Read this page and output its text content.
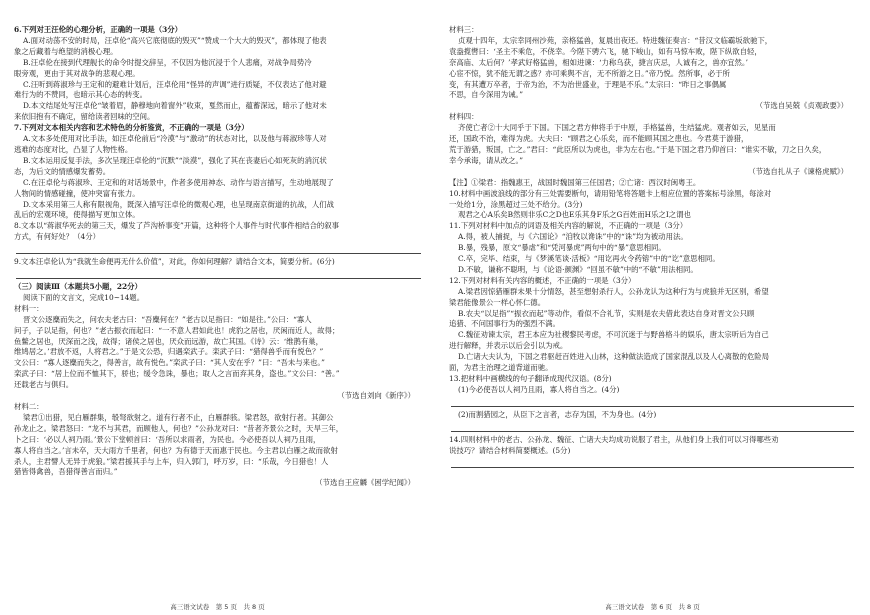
6.下列对王汪伦的心理分析，正确的一项是（3分）
A.面对动荡不安的时局，汪卓伦“高兴它底彻底的毁灭”“赞成一个大大的毁灭”，都体现了他表
象之后藏着与绝望的消极心理。
B.汪卓伦在接到代理舰长的命令时提交辞呈，不仅因为他沉浸于个人悲痛，对战争局势冷
眼旁观，更由于其对战争的悲观心理。
C.汪听到蒋淑珍与王定和的避难计划后，汪卓伦用“怪异的声调”进行质疑，不仅表达了他对避
难行为的不赞同，也暗示其心态的转变。
D.本文结尾处写汪卓伦“皱着眉，静穆地向着窗外”收束，戛然而止，蕴蓄深远，暗示了他对未
来依旧抱有不确定，留给读者回味的空间。
7.下列对文本相关内容和艺术特色的分析鉴赏，不正确的一项是（3分）
A.文本多处使用对比手法，如汪卓伦前后“冷漠”与“激动”的状态对比，以及他与蒋淑珍等人对
逃难的态度对比，凸显了人物性格。
B.文本运用反复手法，多次呈现汪卓伦的“沉默”“淡漠”，强化了其在丧妻后心如死灰的消沉状
态，为后文的情感爆发蓄势。
C.在汪卓伦与蒋淑珍、王定和的对话场景中，作者多使用神态、动作与语言描写，生动地展现了
人物间的情感碰撞，使冲突富有张力。
D.文本采用第三人称有限视角，既深入描写汪卓伦的微观心理，也呈现南京街道的抗战，人们战
乱后的宏观环境，使得描写更加立体。
8.文本以“蒋淑华死去的第三天，爆发了芦沟桥事变”开篇，这种将个人事件与时代事件相结合的叙事
方式，有何好处？（4分）
9.文本汪卓伦认为“我就生命便再无什么价值”，对此，你如何理解？请结合文本，简要分析。(6分)
（三）阅读Ⅲ（本题共5小题，22分）
阅读下面的文言文，完成10~14题。
材料一：
晋文公逐麋而失之，问农夫老古曰：“吾麋何在？”老古以足指曰：“如是往。”公曰：“寡人
问子，子以足指，何也？”老古振衣而起曰：“一不意人君如此也！虎豹之居也，厌闲而近人，故得；
鱼鳖之居也，厌深而之浅，故得；诸侯之居也，厌众而远游，故亡其国。《诗》云：‘维鹊有巢，
维鸠居之。’君放不返，人将君之。”于是文公恐，归遇栾武子。栾武子曰：“猎得兽乎而有悦色？”
文公曰：“寡人逐麋而失之，得善言，故有悦色。”栾武子曰：“其人安在乎？”曰：“吾未与来也。”
栾武子曰：“居上位而不恤其下，骄也；缓令急诛，暴也；取人之言而弃其身，盗也。”文公曰：“善。”
还载老古与俱归。
（节选自刘向《新序》）
材料二：
梁君①出猎，见白雁群集，彀弩欲射之。道有行者不止，白雁群骇。梁君怒，欲射行者。其御公
孙龙止之。梁君怒曰：“龙不与其君，而顾他人，何也？”公孙龙对曰：“昔者齐景公之时，天旱三年，
卜之曰：‘必以人祠乃雨。’景公下堂顿首曰：‘吾所以求雨者，为民也。今必使吾以人祠乃且雨，
寡人将自当之。’言未卒，天大雨方千里者，何也？为有德于天而惠于民也。今主君以白雁之故而欲射
杀人，主君譬人无异于虎狼。”梁君援其手与上车，归入郭门，呼万岁，曰：“乐哉，今日猎也！人
猎皆得禽兽，吾猎得善言而归。”
（节选自王应麟《困学纪闻》）
高三语文试卷　第 5 页　共 8 页
材料三：
贞观十四年，太宗幸同州沙苑，亲格猛兽，复晨出夜还。特进魏征奏言：“昔汉文临霸坂欲驰下，
袁盎揽辔曰：‘圣主不乘危，不侥幸。今陛下骋六飞，驰下峻山，如有马惊车败，陛下纵欲自轻，
奈高庙、太后何？’孝武好格猛兽，相如进谏：‘力称乌获，捷言庆忌，人诚有之，兽亦宜然。’
心宦不惊，犹不能无谓之惑？亦可乘舆不言，无不所游之日。”帝乃悦。然所事，必于所
变，有其遭万卒者，于帝为治，不为治世盛业，于理是不乐。”太宗曰：“昨日之事偶属
不思，自今深用为诫。”
（节选自吴兢《贞观政要》）
材料四：
齐使亡者②十大同乎于下国。下国之君方伸将手于中原，手格猛兽，生结猛虎。观者如云，见星而
还，国政不治，难得为虎。大夫曰：“顾君之心乐矣，而不能顾其国之患也。今君莫于游猎，
荒于游猎，叛国，亡之。”君曰：“此臣所以为虎也，非为左右也。”于是下国之君乃仰首曰：“谁实不敏，刀之日久矣，
幸今承诲，请从改之。”
（节选自扎从子《谏格虎赋》）
【注】①梁君：指魏惠王，战国时魏国第三任国君；②亡诸：西汉时闽粤王。
10.材料中画波浪线的部分有三处需要断句，请用铅笔将答题卡上相应位置的答案标号涂黑，每涂对
一处给1分，涂黑超过三处不给分。(3分)
观君之心A乐矣B然则非乐C之D也E乐其身F乐之G百姓而H乐之I之谓也
11.下列对材料中加点的词语及相关内容的解说，不正确的一项是（3分）
A.得，被人捕捉，与《六国论》“洎牧以谗诛”中的“诛”均为被动用法。
B.暴，残暴，原文“暴虐”和“凭河暴虎”两句中的“暴”意思相同。
C.卒，完毕、结束，与《梦溪笔谈·活板》“用讫再火令药镕”中的“讫”意思相同。
D.不敏，谦称不聪明，与《论语·颜渊》“回虽不敏”中的“不敏”用法相同。
12.下列对材料有关内容的概述，不正确的一项是（3分）
A.梁君因惊猎雁群未果十分情怒，甚至想射杀行人，公孙龙认为这种行为与虎狼并无区别，希望
梁君能像景公一样心怀仁德。
B.农夫“以足指”“振衣而起”等动作，看似不合礼节，实则是农夫借此表达自身对晋文公只顾
追猎、不问国事行为的强烈不满。
C.魏征劝谏太宗，君王本应为社稷黎民考虑，不可沉迷于与野兽格斗的娱乐，唐太宗听后为自己
进行解释，并表示以后会引以为戒。
D.亡诸大夫认为，下国之君驱赶百姓进入山林，这种做法造成了国家混乱以及人心离散的危险局
面，为君主治理之道背道而驰。
13.把材料中画横线的句子翻译成现代汉语。(8分)
(1)今必使吾以人祠乃且雨，寡人将自当之。(4分)
(2)而割猎园之，从臣下之言者，志存为国，不为身也。(4分)
14.四则材料中的老古、公孙龙、魏征、亡诸大夫均成功说服了君主，从他们身上我们可以习得哪些劝
说技巧？请结合材料简要概述。(5分)
高三语文试卷　第 6 页　共 8 页
